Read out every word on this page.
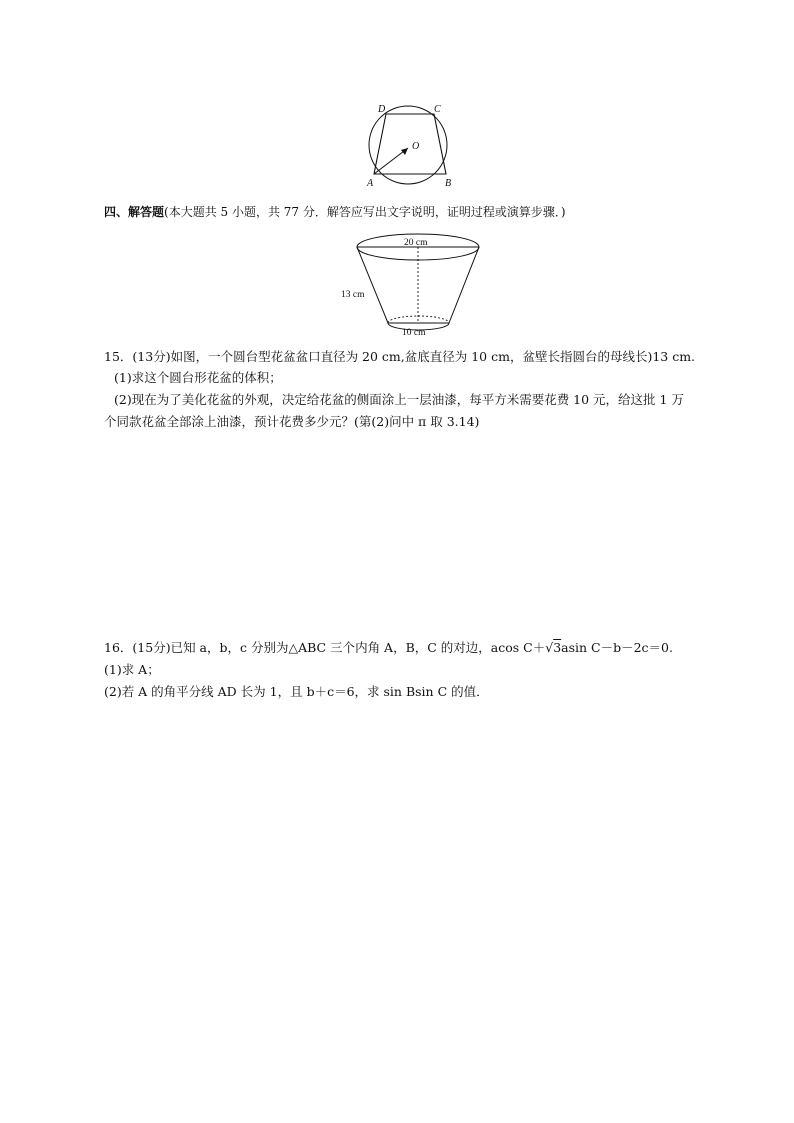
D	C
O
A	B
四、解答题(本大题共 5 小题，共 77 分．解答应写出文字说明，证明过程或演算步骤．)
20 cm
13 cm
10 cm
15．(13分)如图，一个圆台型花盆盆口直径为 20 cm,盆底直径为 10 cm，盆壁长指圆台的母线长)13 cm.
(1)求这个圆台形花盆的体积；
(2)现在为了美化花盆的外观，决定给花盆的侧面涂上一层油漆，每平方米需要花费 10 元，给这批 1 万
个同款花盆全部涂上油漆，预计花费多少元？(第(2)问中 π 取 3.14)
16．(15分)已知 a，b，c 分别为△ABC 三个内角 A，B，C 的对边，acos C＋√3asin C－b－2c＝0.
(1)求 A；
(2)若 A 的角平分线 AD 长为 1，且 b＋c＝6，求 sin Bsin C 的值．
